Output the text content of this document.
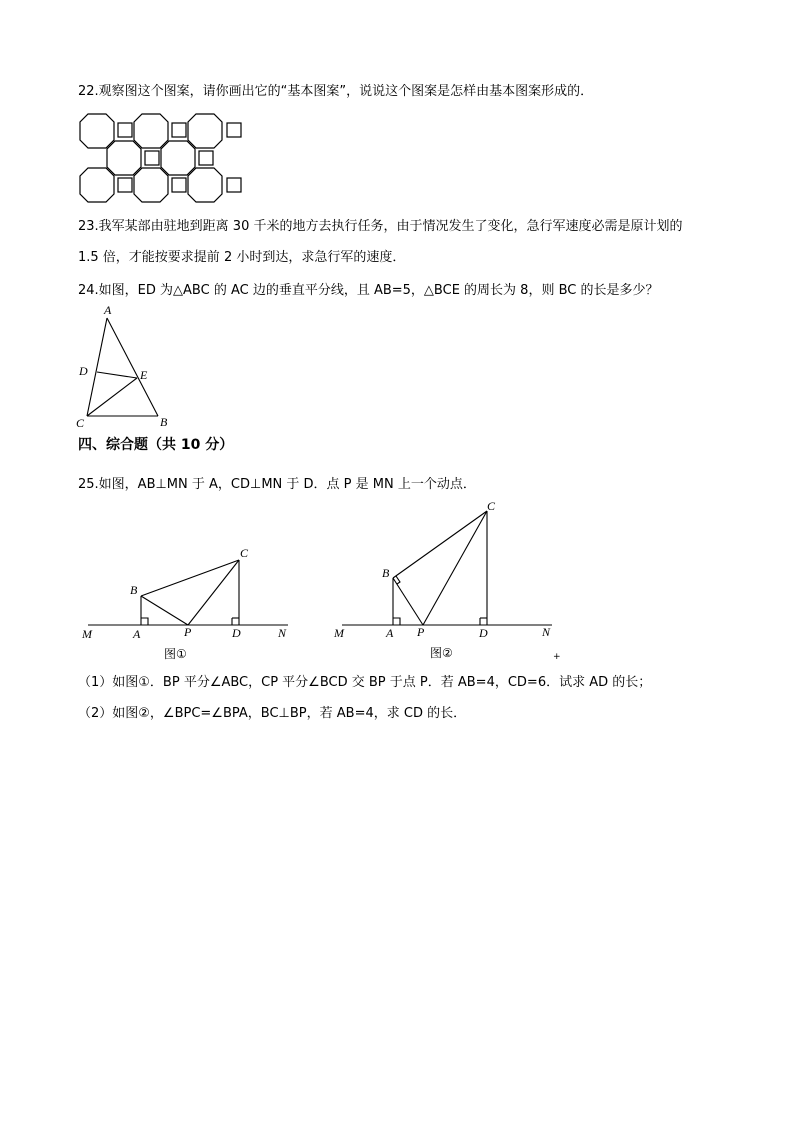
22.观察图这个图案，请你画出它的“基本图案”，说说这个图案是怎样由基本图案形成的．
23.我军某部由驻地到距离 30 千米的地方去执行任务，由于情况发生了变化，急行军速度必需是原计划的
1.5 倍，才能按要求提前 2 小时到达，求急行军的速度．
24.如图，ED 为△ABC 的 AC 边的垂直平分线，且 AB=5，△BCE 的周长为 8，则 BC 的长是多少？
A
D	E
C	B
四、综合题（共 10 分）
25.如图，AB⊥MN 于 A，CD⊥MN 于 D．点 P 是 MN 上一个动点．
C
B
M	A	P	D	N
图①
C
B
M	A P	D	N
图②	+
（1）如图①．BP 平分∠ABC，CP 平分∠BCD 交 BP 于点 P．若 AB=4，CD=6．试求 AD 的长；
（2）如图②，∠BPC=∠BPA，BC⊥BP，若 AB=4，求 CD 的长．
